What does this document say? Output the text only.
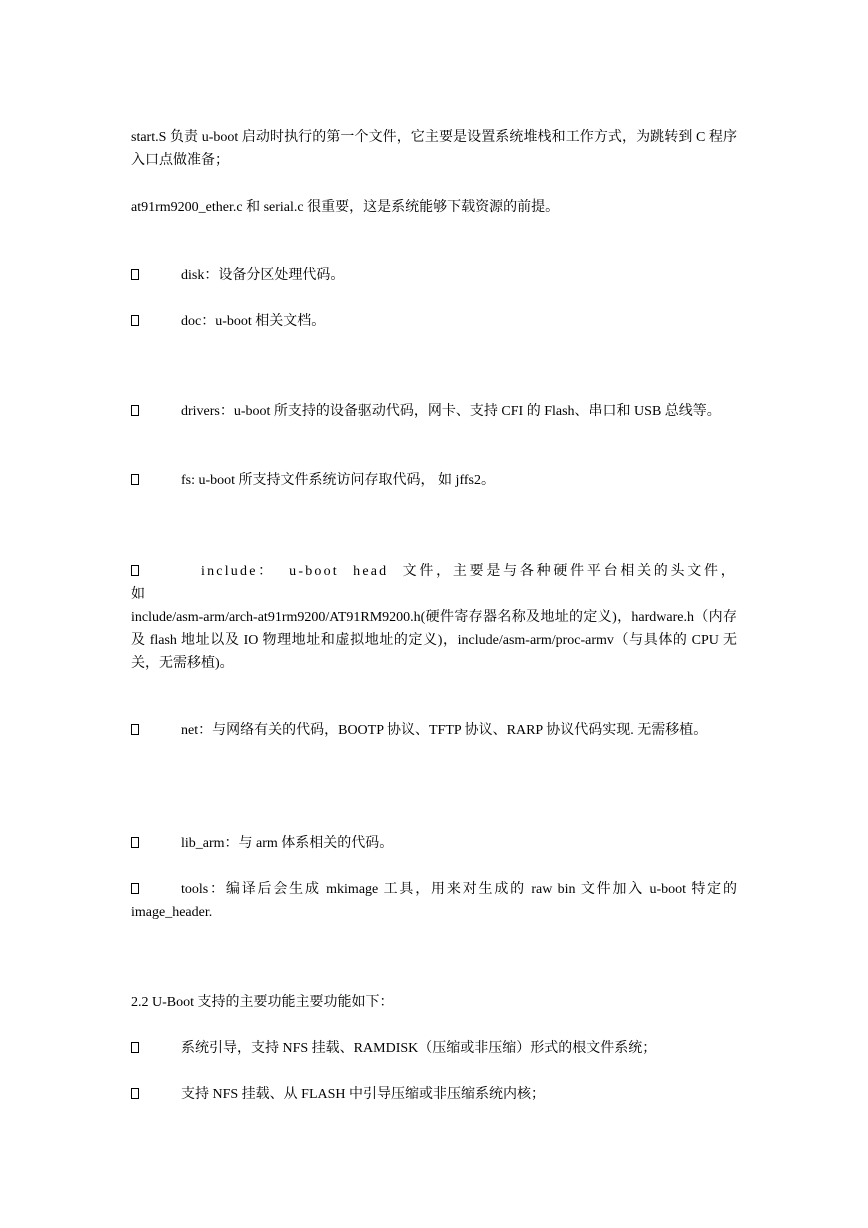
start.S 负责 u-boot 启动时执行的第一个文件，它主要是设置系统堆栈和工作方式，为跳转到 C 程序入口点做准备；

at91rm9200_ether.c 和 serial.c 很重要，这是系统能够下载资源的前提。

disk：设备分区处理代码。
doc：u-boot 相关文档。
drivers：u-boot 所支持的设备驱动代码，网卡、支持 CFI 的 Flash、串口和 USB 总线等。
fs: u-boot 所支持文件系统访问存取代码， 如 jffs2。
include： u-boot head 文件，主要是与各种硬件平台相关的头文件，如
include/asm-arm/arch-at91rm9200/AT91RM9200.h(硬件寄存器名称及地址的定义)，hardware.h（内存及 flash 地址以及 IO 物理地址和虚拟地址的定义)，include/asm-arm/proc-armv（与具体的 CPU 无关，无需移植)。
net：与网络有关的代码，BOOTP 协议、TFTP 协议、RARP 协议代码实现. 无需移植。
lib_arm：与 arm 体系相关的代码。
tools：编译后会生成 mkimage 工具，用来对生成的 raw bin 文件加入 u-boot 特定的 image_header.

2.2 U-Boot 支持的主要功能主要功能如下：

系统引导，支持 NFS 挂载、RAMDISK（压缩或非压缩）形式的根文件系统；
支持 NFS 挂载、从 FLASH 中引导压缩或非压缩系统内核；
